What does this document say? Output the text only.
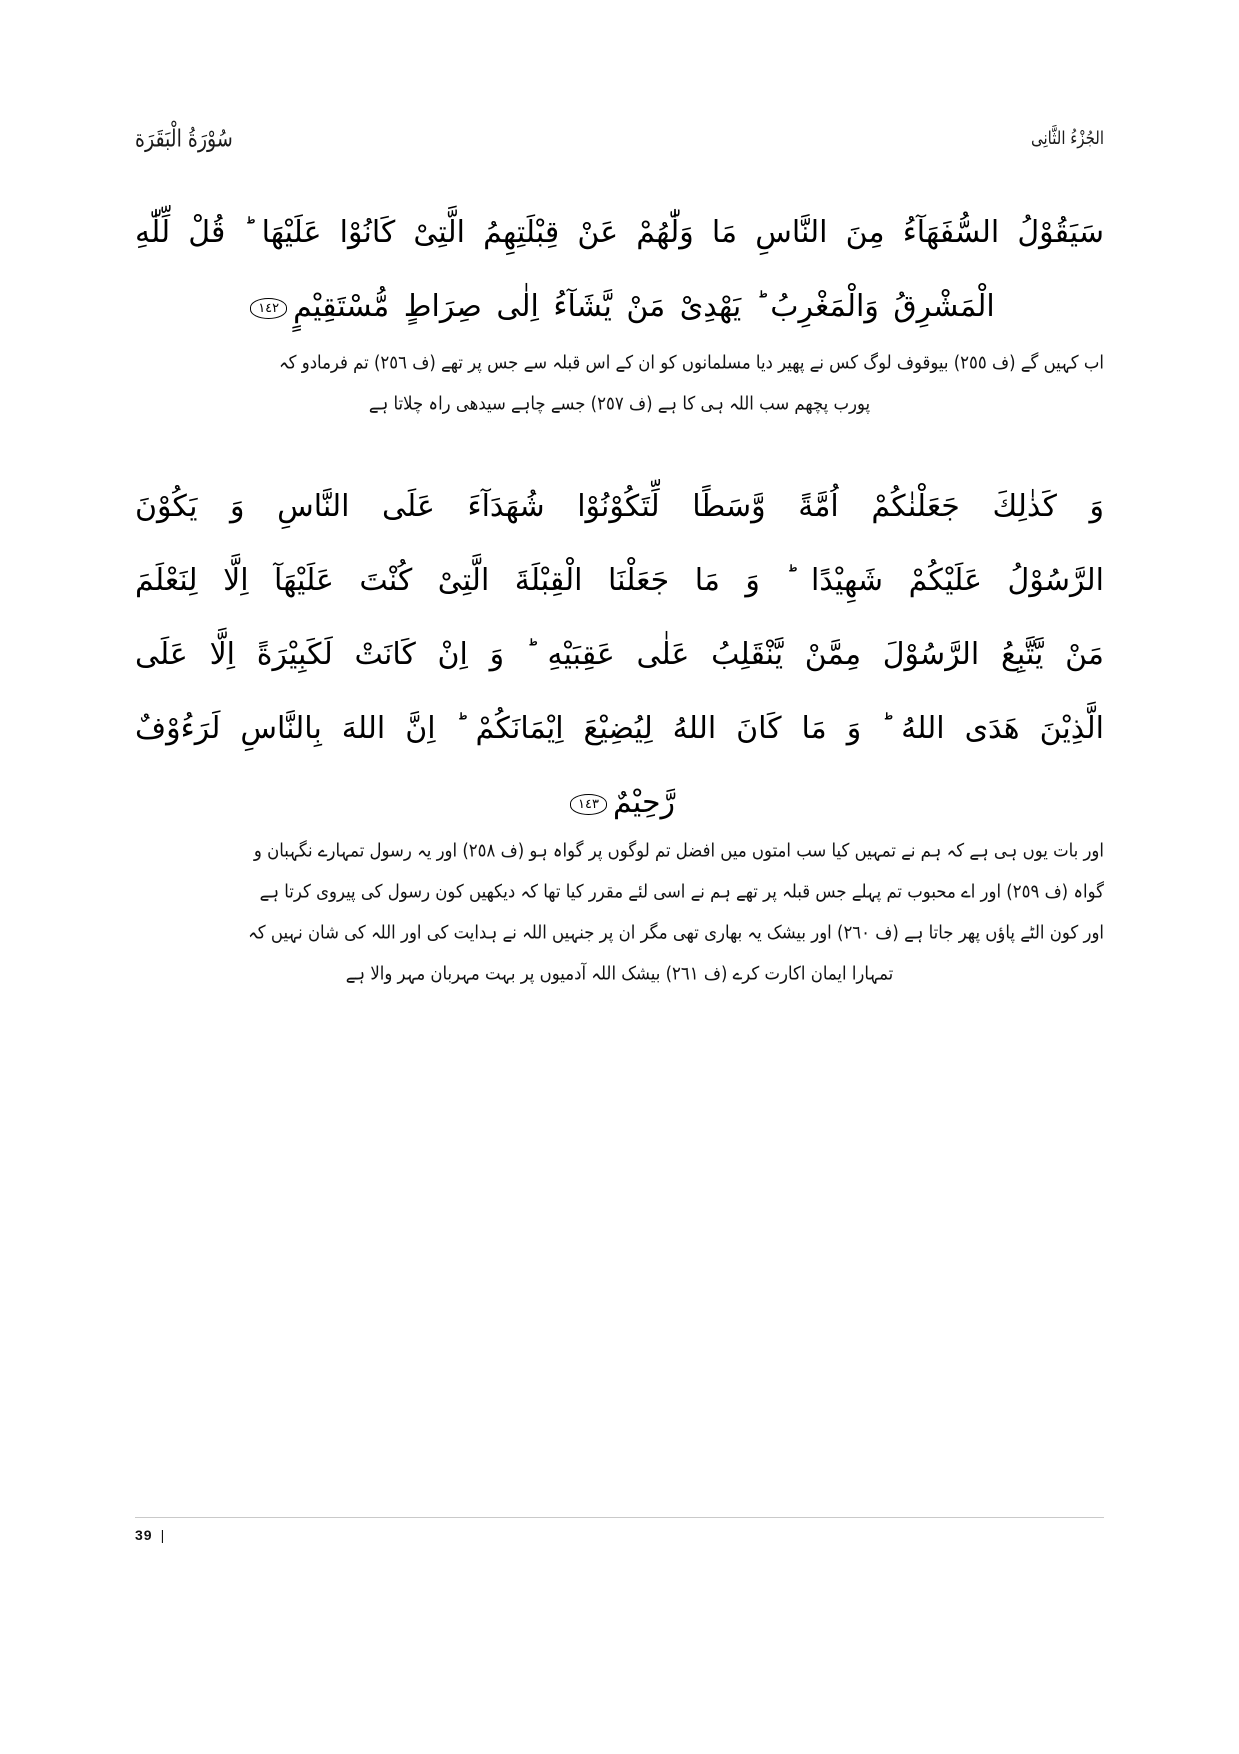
الجُزْءُ الثَّانِى
سُوْرَةُ الْبَقَرَة
سَيَقُوْلُ السُّفَهَآءُ مِنَ النَّاسِ مَا وَلّٰهُمْ عَنْ قِبْلَتِهِمُ الَّتِىْ كَانُوْا عَلَيْهَا ؕ قُلْ لِّلّٰهِ
الْمَشْرِقُ وَالْمَغْرِبُ ؕ يَهْدِىْ مَنْ يَّشَآءُ اِلٰى صِرَاطٍ مُّسْتَقِيْمٍ١٤٢
اب کہیں گے (ف ٢٥٥) بیوقوف لوگ کس نے پھیر دیا مسلمانوں کو ان کے اس قبلہ سے جس پر تھے (ف ٢٥٦) تم فرمادو کہ
پورب پچھم سب اللہ ہی کا ہے (ف ٢٥٧) جسے چاہے سیدھی راہ چلاتا ہے
وَ كَذٰلِكَ جَعَلْنٰكُمْ اُمَّةً وَّسَطًا لِّتَكُوْنُوْا شُهَدَآءَ عَلَى النَّاسِ وَ يَكُوْنَ
الرَّسُوْلُ عَلَيْكُمْ شَهِيْدًا ؕ وَ مَا جَعَلْنَا الْقِبْلَةَ الَّتِىْ كُنْتَ عَلَيْهَآ اِلَّا لِنَعْلَمَ
مَنْ يَّتَّبِعُ الرَّسُوْلَ مِمَّنْ يَّنْقَلِبُ عَلٰى عَقِبَيْهِ ؕ وَ اِنْ كَانَتْ لَكَبِيْرَةً اِلَّا عَلَى
الَّذِيْنَ هَدَى اللهُ ؕ وَ مَا كَانَ اللهُ لِيُضِيْعَ اِيْمَانَكُمْ ؕ اِنَّ اللهَ بِالنَّاسِ لَرَءُوْفٌ
رَّحِيْمٌ١٤٣
اور بات یوں ہی ہے کہ ہم نے تمہیں کیا سب امتوں میں افضل تم لوگوں پر گواہ ہو (ف ٢٥٨) اور یہ رسول تمہارے نگہبان و
گواہ (ف ٢٥٩) اور اے محبوب تم پہلے جس قبلہ پر تھے ہم نے اسی لئے مقرر کیا تھا کہ دیکھیں کون رسول کی پیروی کرتا ہے
اور کون الٹے پاؤں پھر جاتا ہے (ف ٢٦٠) اور بیشک یہ بھاری تھی مگر ان پر جنہیں اللہ نے ہدایت کی اور اللہ کی شان نہیں کہ
تمہارا ایمان اکارت کرے (ف ٢٦١) بیشک اللہ آدمیوں پر بہت مہربان مہر والا ہے
39 |
